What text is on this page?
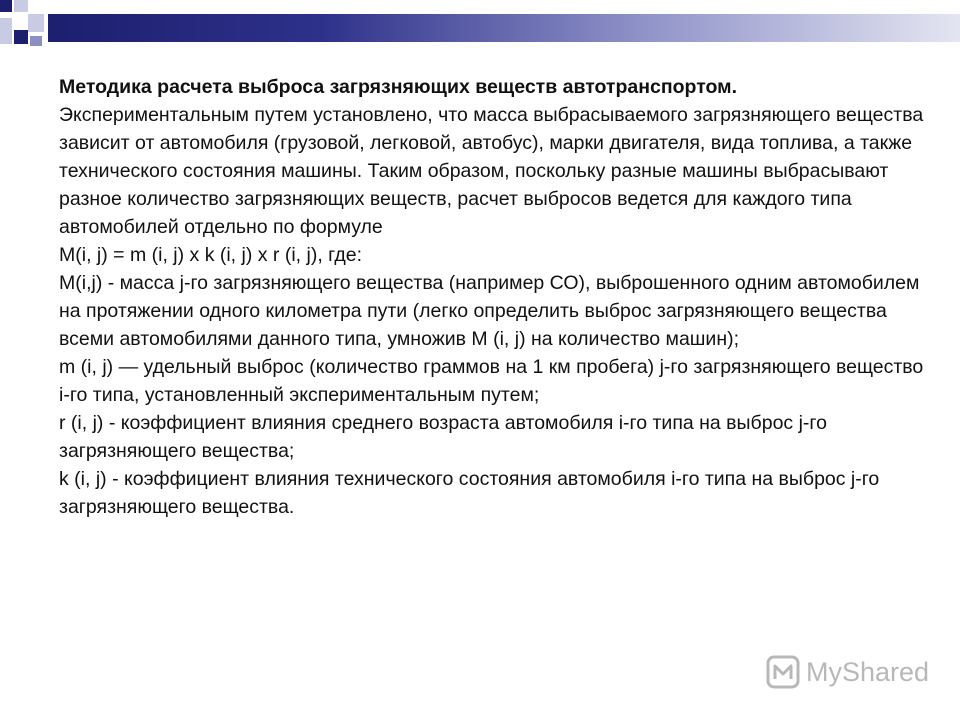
Методика расчета выброса загрязняющих веществ автотранспортом.

Экспериментальным путем установлено, что масса выбрасываемого загрязняющего вещества зависит от автомобиля (грузовой, легковой, автобус), марки двигателя, вида топлива, а также технического состояния машины. Таким образом, поскольку разные машины выбрасывают разное количество загрязняющих веществ, расчет выбросов ведется для каждого типа автомобилей отдельно по формуле

M(i, j) = m (i, j) x k (i, j) x r (i, j), где:

M(i,j) - масса j-го загрязняющего вещества (например СО), выброшенного одним автомобилем на протяжении одного километра пути (легко определить выброс загрязняющего вещества всеми автомобилями данного типа, умножив М (i, j) на количество машин);

m (i, j) — удельный выброс (количество граммов на 1 км пробега) j-го загрязняющего вещество i-го типа, установленный экспериментальным путем;

r (i, j) - коэффициент влияния среднего возраста автомобиля i-го типа на выброс j-го загрязняющего вещества;

k (i, j) - коэффициент влияния технического состояния автомобиля i-го типа на выброс j-го загрязняющего вещества.

MyShared
